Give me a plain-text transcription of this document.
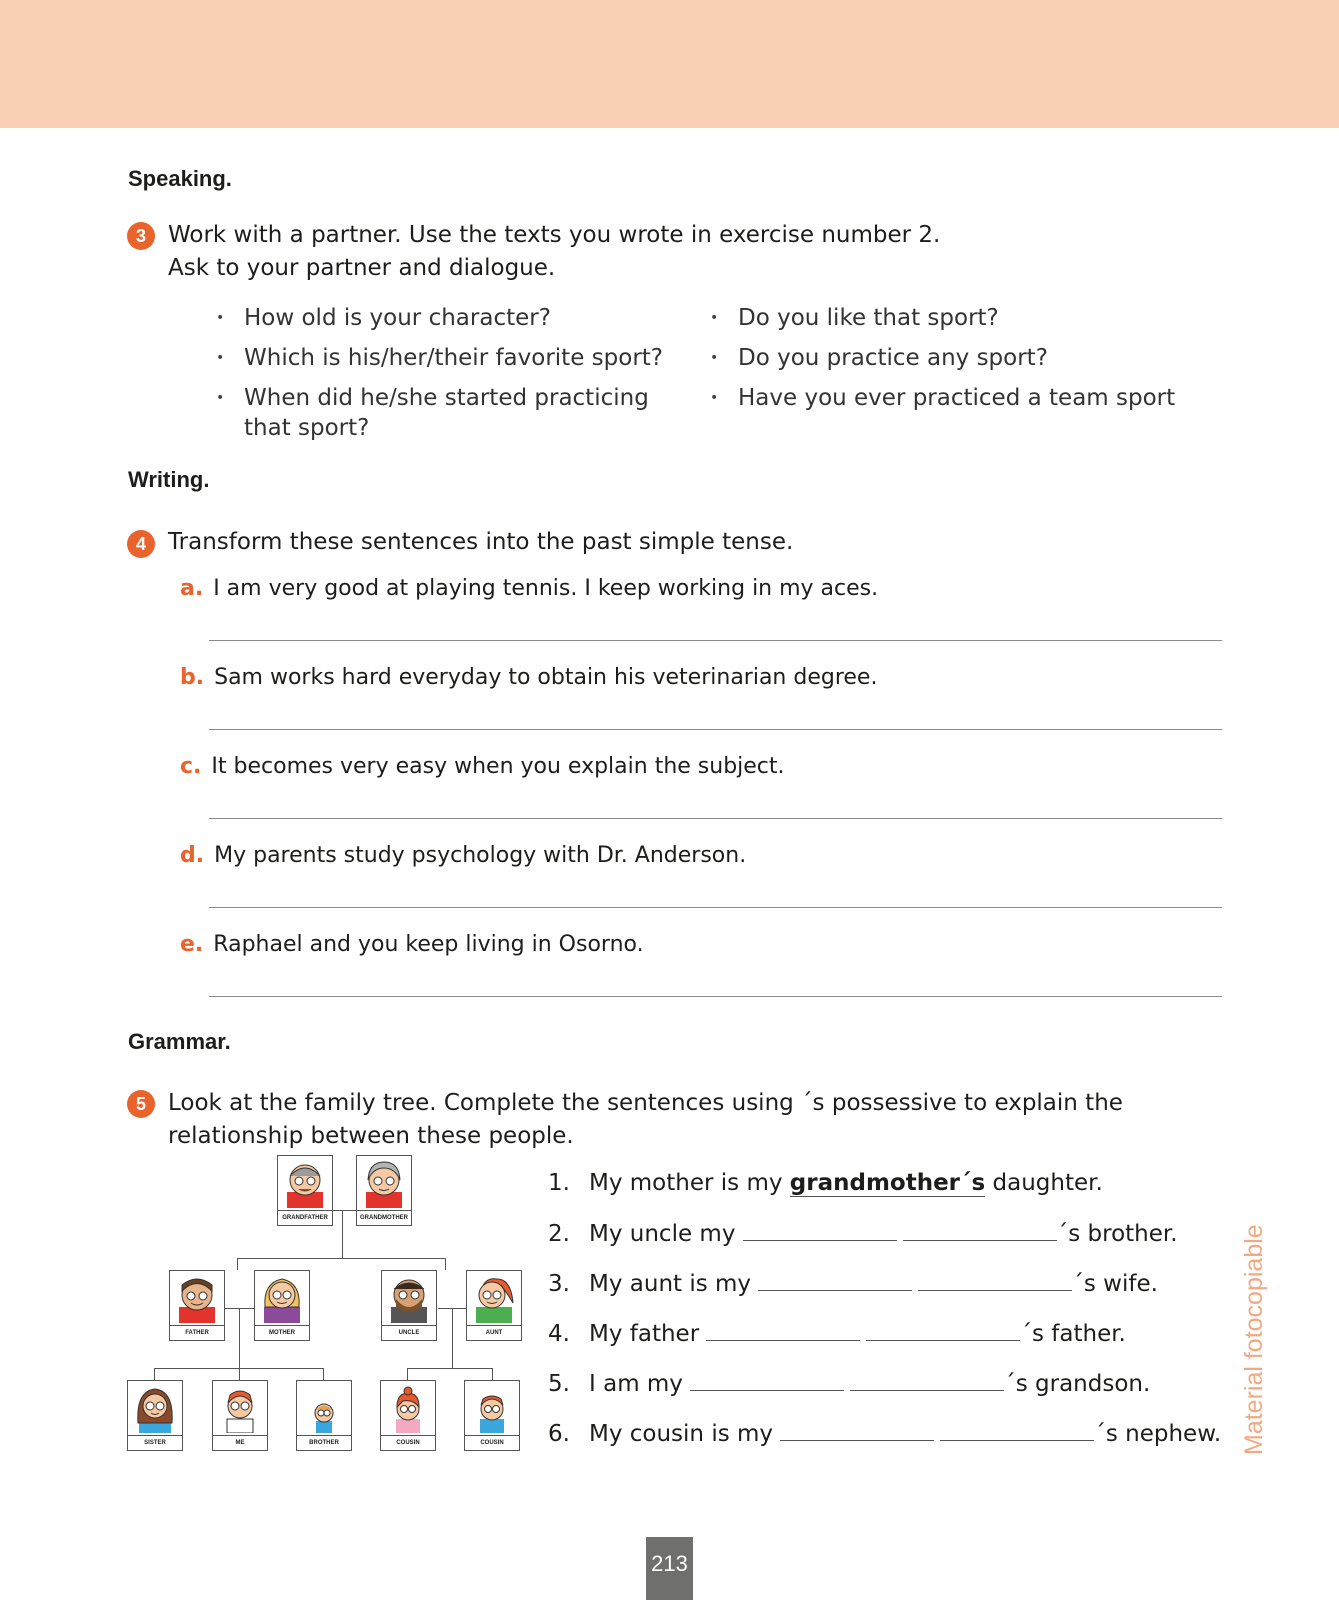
Speaking.
3 Work with a partner. Use the texts you wrote in exercise number 2.
Ask to your partner and dialogue.
• How old is your character?
• Which is his/her/their favorite sport?
• When did he/she started practicing that sport?
• Do you like that sport?
• Do you practice any sport?
• Have you ever practiced a team sport
Writing.
4 Transform these sentences into the past simple tense.
a. I am very good at playing tennis. I keep working in my aces.
b. Sam works hard everyday to obtain his veterinarian degree.
c. It becomes very easy when you explain the subject.
d. My parents study psychology with Dr. Anderson.
e. Raphael and you keep living in Osorno.
Grammar.
5 Look at the family tree. Complete the sentences using ´s possessive to explain the
relationship between these people.
GRANDFATHER	GRANDMOTHER
FATHER	MOTHER	UNCLE	AUNT
SISTER	ME	BROTHER	COUSIN	COUSIN
1. My mother is my grandmother´s daughter.
2. My uncle my	´s brother.
3. My aunt is my	´s wife.
4. My father	´s father.
5. I am my	´s grandson.
6. My cousin is my	´s nephew. Material fotocopiable
213
